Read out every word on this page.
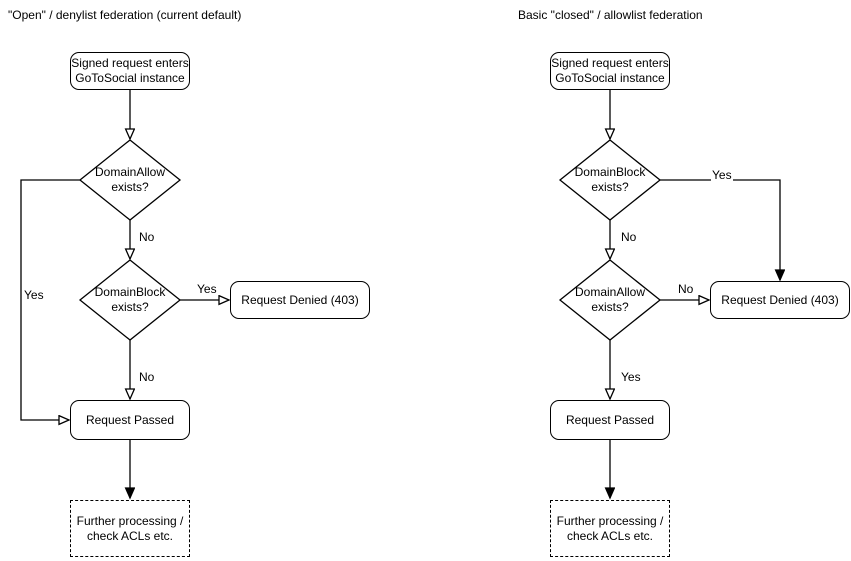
"Open" / denylist federation (current default)
Signed request enters
GoToSocial instance
DomainAllow
exists?
DomainBlock
exists?
Request Denied (403)
Request Passed
Further processing /
check ACLs etc.
No
Yes
No
Yes
Basic "closed" / allowlist federation
Signed request enters
GoToSocial instance
DomainBlock
exists?
DomainAllow
exists?
Request Denied (403)
Request Passed
Further processing /
check ACLs etc.
Yes
No
No
Yes
